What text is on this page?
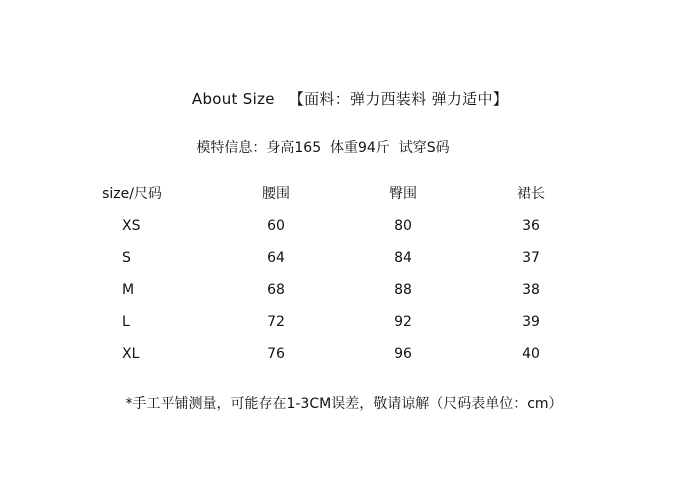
About Size 【面料：弹力西装料 弹力适中】
模特信息：身高165  体重94斤  试穿S码
size/尺码	腰围	臀围	裙长
XS	60	80	36
S	64	84	37
M	68	88	38
L	72	92	39
XL	76	96	40
*手工平铺测量，可能存在1-3CM误差，敬请谅解（尺码表单位：cm）
